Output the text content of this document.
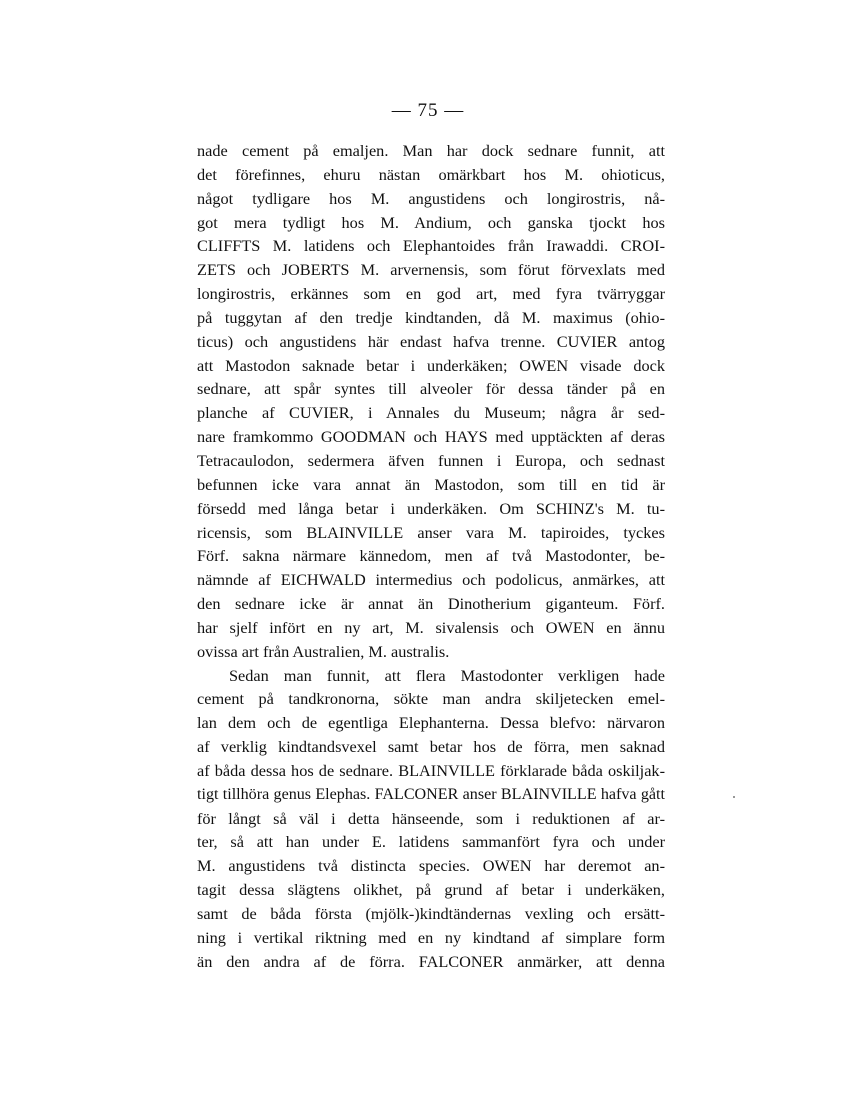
— 75 —
nade cement på emaljen. Man har dock sednare funnit, att
det förefinnes, ehuru nästan omärkbart hos M. ohioticus,
något tydligare hos M. angustidens och longirostris, nå-
got mera tydligt hos M. Andium, och ganska tjockt hos
CLIFFTS M. latidens och Elephantoides från Irawaddi. CROI-
ZETS och JOBERTS M. arvernensis, som förut förvexlats med
longirostris, erkännes som en god art, med fyra tvärryggar
på tuggytan af den tredje kindtanden, då M. maximus (ohio-
ticus) och angustidens här endast hafva trenne. CUVIER antog
att Mastodon saknade betar i underkäken; OWEN visade dock
sednare, att spår syntes till alveoler för dessa tänder på en
planche af CUVIER, i Annales du Museum; några år sed-
nare framkommo GOODMAN och HAYS med upptäckten af deras
Tetracaulodon, sedermera äfven funnen i Europa, och sednast
befunnen icke vara annat än Mastodon, som till en tid är
försedd med långa betar i underkäken. Om SCHINZ's M. tu-
ricensis, som BLAINVILLE anser vara M. tapiroides, tyckes
Förf. sakna närmare kännedom, men af två Mastodonter, be-
nämnde af EICHWALD intermedius och podolicus, anmärkes, att
den sednare icke är annat än Dinotherium giganteum. Förf.
har sjelf infört en ny art, M. sivalensis och OWEN en ännu
ovissa art från Australien, M. australis.
Sedan man funnit, att flera Mastodonter verkligen hade
cement på tandkronorna, sökte man andra skiljetecken emel-
lan dem och de egentliga Elephanterna. Dessa blefvo: närvaron
af verklig kindtandsvexel samt betar hos de förra, men saknad
af båda dessa hos de sednare. BLAINVILLE förklarade båda oskiljak-
tigt tillhöra genus Elephas. FALCONER anser BLAINVILLE hafva gått
för långt så väl i detta hänseende, som i reduktionen af ar-
ter, så att han under E. latidens sammanfört fyra och under
M. angustidens två distincta species. OWEN har deremot an-
tagit dessa slägtens olikhet, på grund af betar i underkäken,
samt de båda första (mjölk-)kindtändernas vexling och ersätt-
ning i vertikal riktning med en ny kindtand af simplare form
än den andra af de förra. FALCONER anmärker, att denna
